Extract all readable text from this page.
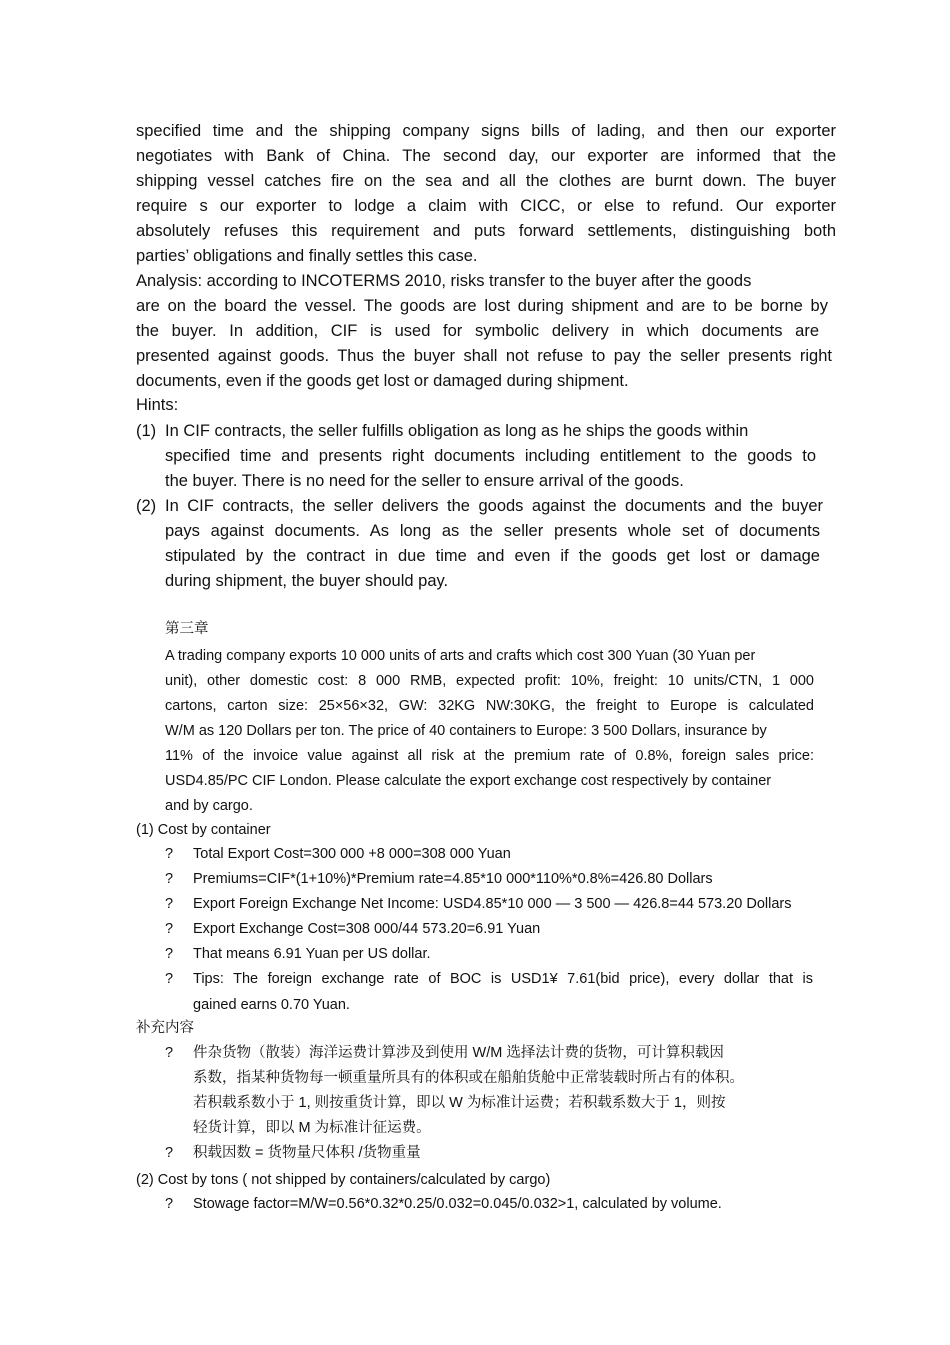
specified time and the shipping company signs bills of lading, and then our exporter
negotiates with Bank of China. The second day, our exporter are informed that the
shipping vessel catches fire on the sea and all the clothes are burnt down. The buyer
require s our exporter to lodge a claim with CICC, or else to refund. Our exporter
absolutely refuses this requirement and puts forward settlements, distinguishing both
parties’ obligations and finally settles this case.
Analysis: according to INCOTERMS 2010, risks transfer to the buyer after the goods
are on the board the vessel. The goods are lost during shipment and are to be borne by
the buyer. In addition, CIF is used for symbolic delivery in which documents are
presented against goods. Thus the buyer shall not refuse to pay the seller presents right
documents, even if the goods get lost or damaged during shipment.
Hints:
(1) In CIF contracts, the seller fulfills obligation as long as he ships the goods within
specified time and presents right documents including entitlement to the goods to
the buyer. There is no need for the seller to ensure arrival of the goods.
(2) In CIF contracts, the seller delivers the goods against the documents and the buyer
pays against documents. As long as the seller presents whole set of documents
stipulated by the contract in due time and even if the goods get lost or damage
during shipment, the buyer should pay.
第三章
A trading company exports 10 000 units of arts and crafts which cost 300 Yuan (30 Yuan per
unit), other domestic cost: 8 000 RMB, expected profit: 10%, freight: 10 units/CTN, 1 000
cartons, carton size: 25×56×32, GW: 32KG NW:30KG, the freight to Europe is calculated
W/M as 120 Dollars per ton. The price of 40 containers to Europe: 3 500 Dollars, insurance by
11% of the invoice value against all risk at the premium rate of 0.8%, foreign sales price:
USD4.85/PC CIF London. Please calculate the export exchange cost respectively by container
and by cargo.
(1) Cost by container
? Total Export Cost=300 000 +8 000=308 000 Yuan
? Premiums=CIF*(1+10%)*Premium rate=4.85*10 000*110%*0.8%=426.80 Dollars
? Export Foreign Exchange Net Income: USD4.85*10 000 — 3 500 — 426.8=44 573.20 Dollars
? Export Exchange Cost=308 000/44 573.20=6.91 Yuan
? That means 6.91 Yuan per US dollar.
? Tips: The foreign exchange rate of BOC is USD1¥ 7.61(bid price), every dollar that is
gained earns 0.70 Yuan.
补充内容
? 件杂货物（散装）海洋运费计算涉及到使用 W/M 选择法计费的货物，可计算积载因
系数，指某种货物每一顿重量所具有的体积或在船舶货舱中正常装载时所占有的体积。
若积载系数小于 1, 则按重货计算，即以 W 为标准计运费；若积载系数大于 1，则按
轻货计算，即以 M 为标准计征运费。
? 积载因数 = 货物量尺体积 /货物重量
(2) Cost by tons ( not shipped by containers/calculated by cargo)
? Stowage factor=M/W=0.56*0.32*0.25/0.032=0.045/0.032>1, calculated by volume.
